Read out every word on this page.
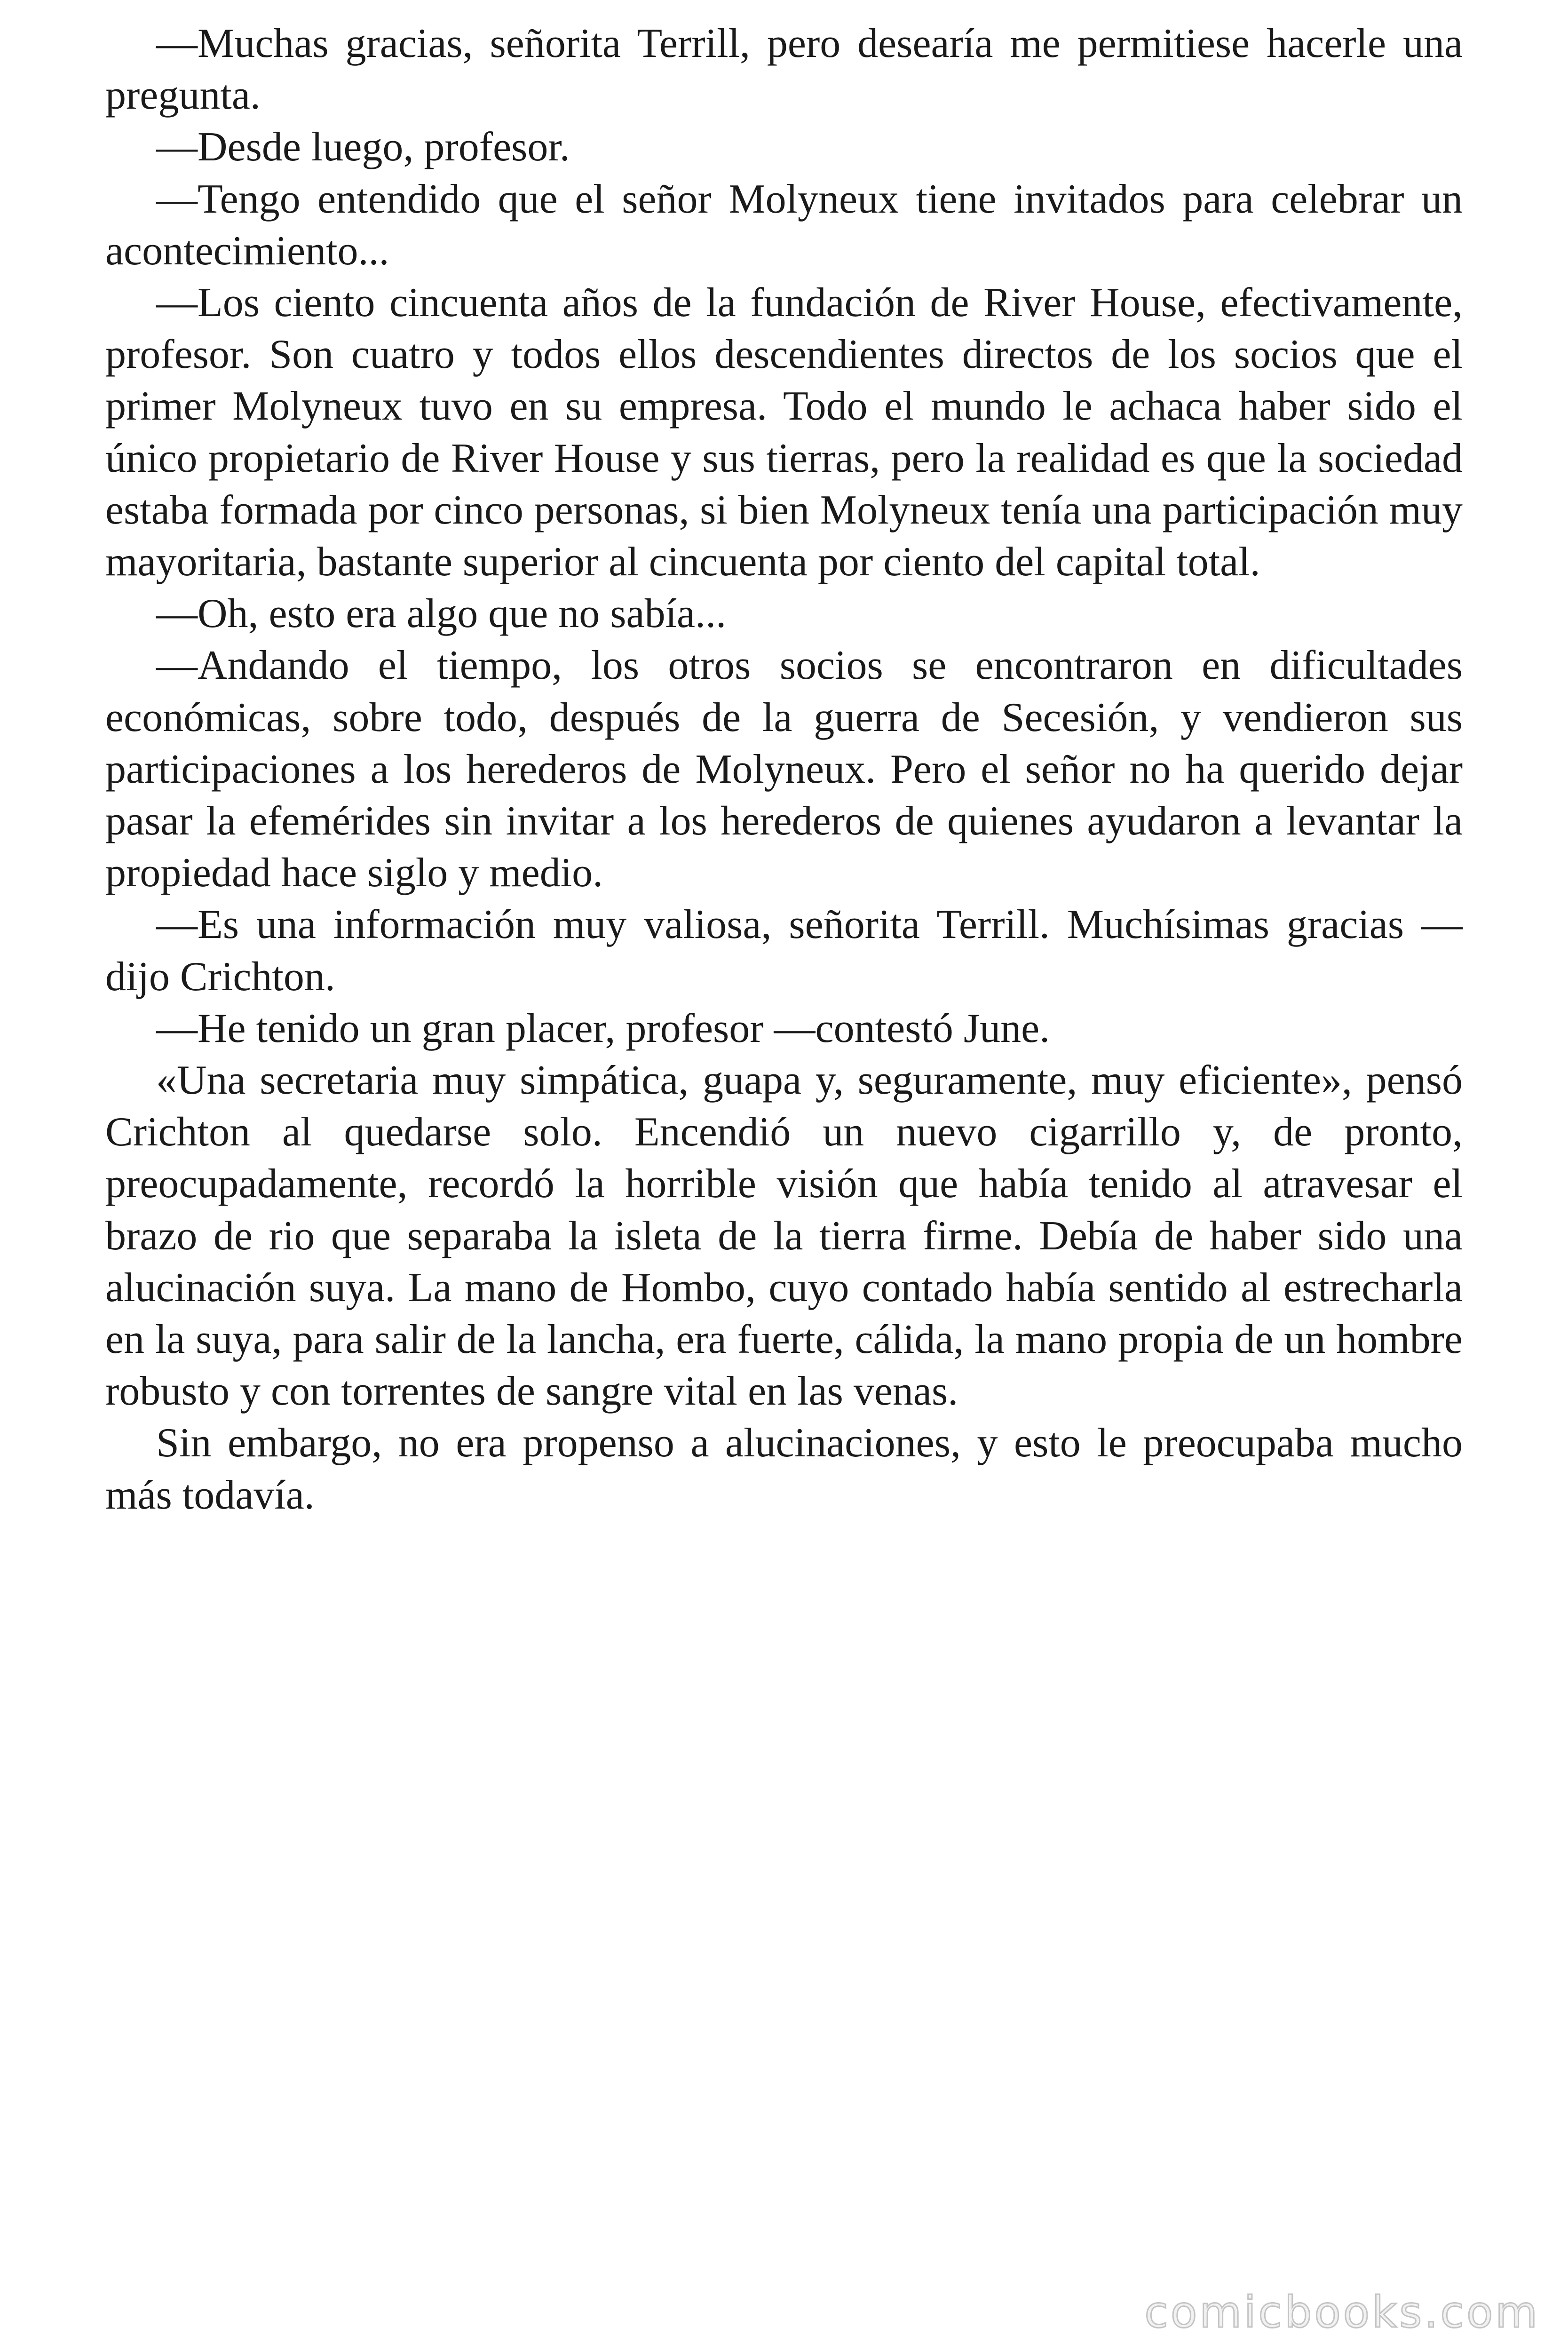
—Muchas gracias, señorita Terrill, pero desearía me permitiese hacerle una pregunta.

—Desde luego, profesor.

—Tengo entendido que el señor Molyneux tiene invitados para celebrar un acontecimiento...

—Los ciento cincuenta años de la fundación de River House, efectivamente, profesor. Son cuatro y todos ellos descendientes directos de los socios que el primer Molyneux tuvo en su empresa. Todo el mundo le achaca haber sido el único propietario de River House y sus tierras, pero la realidad es que la sociedad estaba formada por cinco personas, si bien Molyneux tenía una participación muy mayoritaria, bastante superior al cincuenta por ciento del capital total.

—Oh, esto era algo que no sabía...

—Andando el tiempo, los otros socios se encontraron en dificultades económicas, sobre todo, después de la guerra de Secesión, y vendieron sus participaciones a los herederos de Molyneux. Pero el señor no ha querido dejar pasar la efemérides sin invitar a los herederos de quienes ayudaron a levantar la propiedad hace siglo y medio.

—Es una información muy valiosa, señorita Terrill. Muchísimas gracias —dijo Crichton.

—He tenido un gran placer, profesor —contestó June.

«Una secretaria muy simpática, guapa y, seguramente, muy eficiente», pensó Crichton al quedarse solo. Encendió un nuevo cigarrillo y, de pronto, preocupadamente, recordó la horrible visión que había tenido al atravesar el brazo de rio que separaba la isleta de la tierra firme. Debía de haber sido una alucinación suya. La mano de Hombo, cuyo contado había sentido al estrecharla en la suya, para salir de la lancha, era fuerte, cálida, la mano propia de un hombre robusto y con torrentes de sangre vital en las venas.

Sin embargo, no era propenso a alucinaciones, y esto le preocupaba mucho más todavía.

comicbooks.com
